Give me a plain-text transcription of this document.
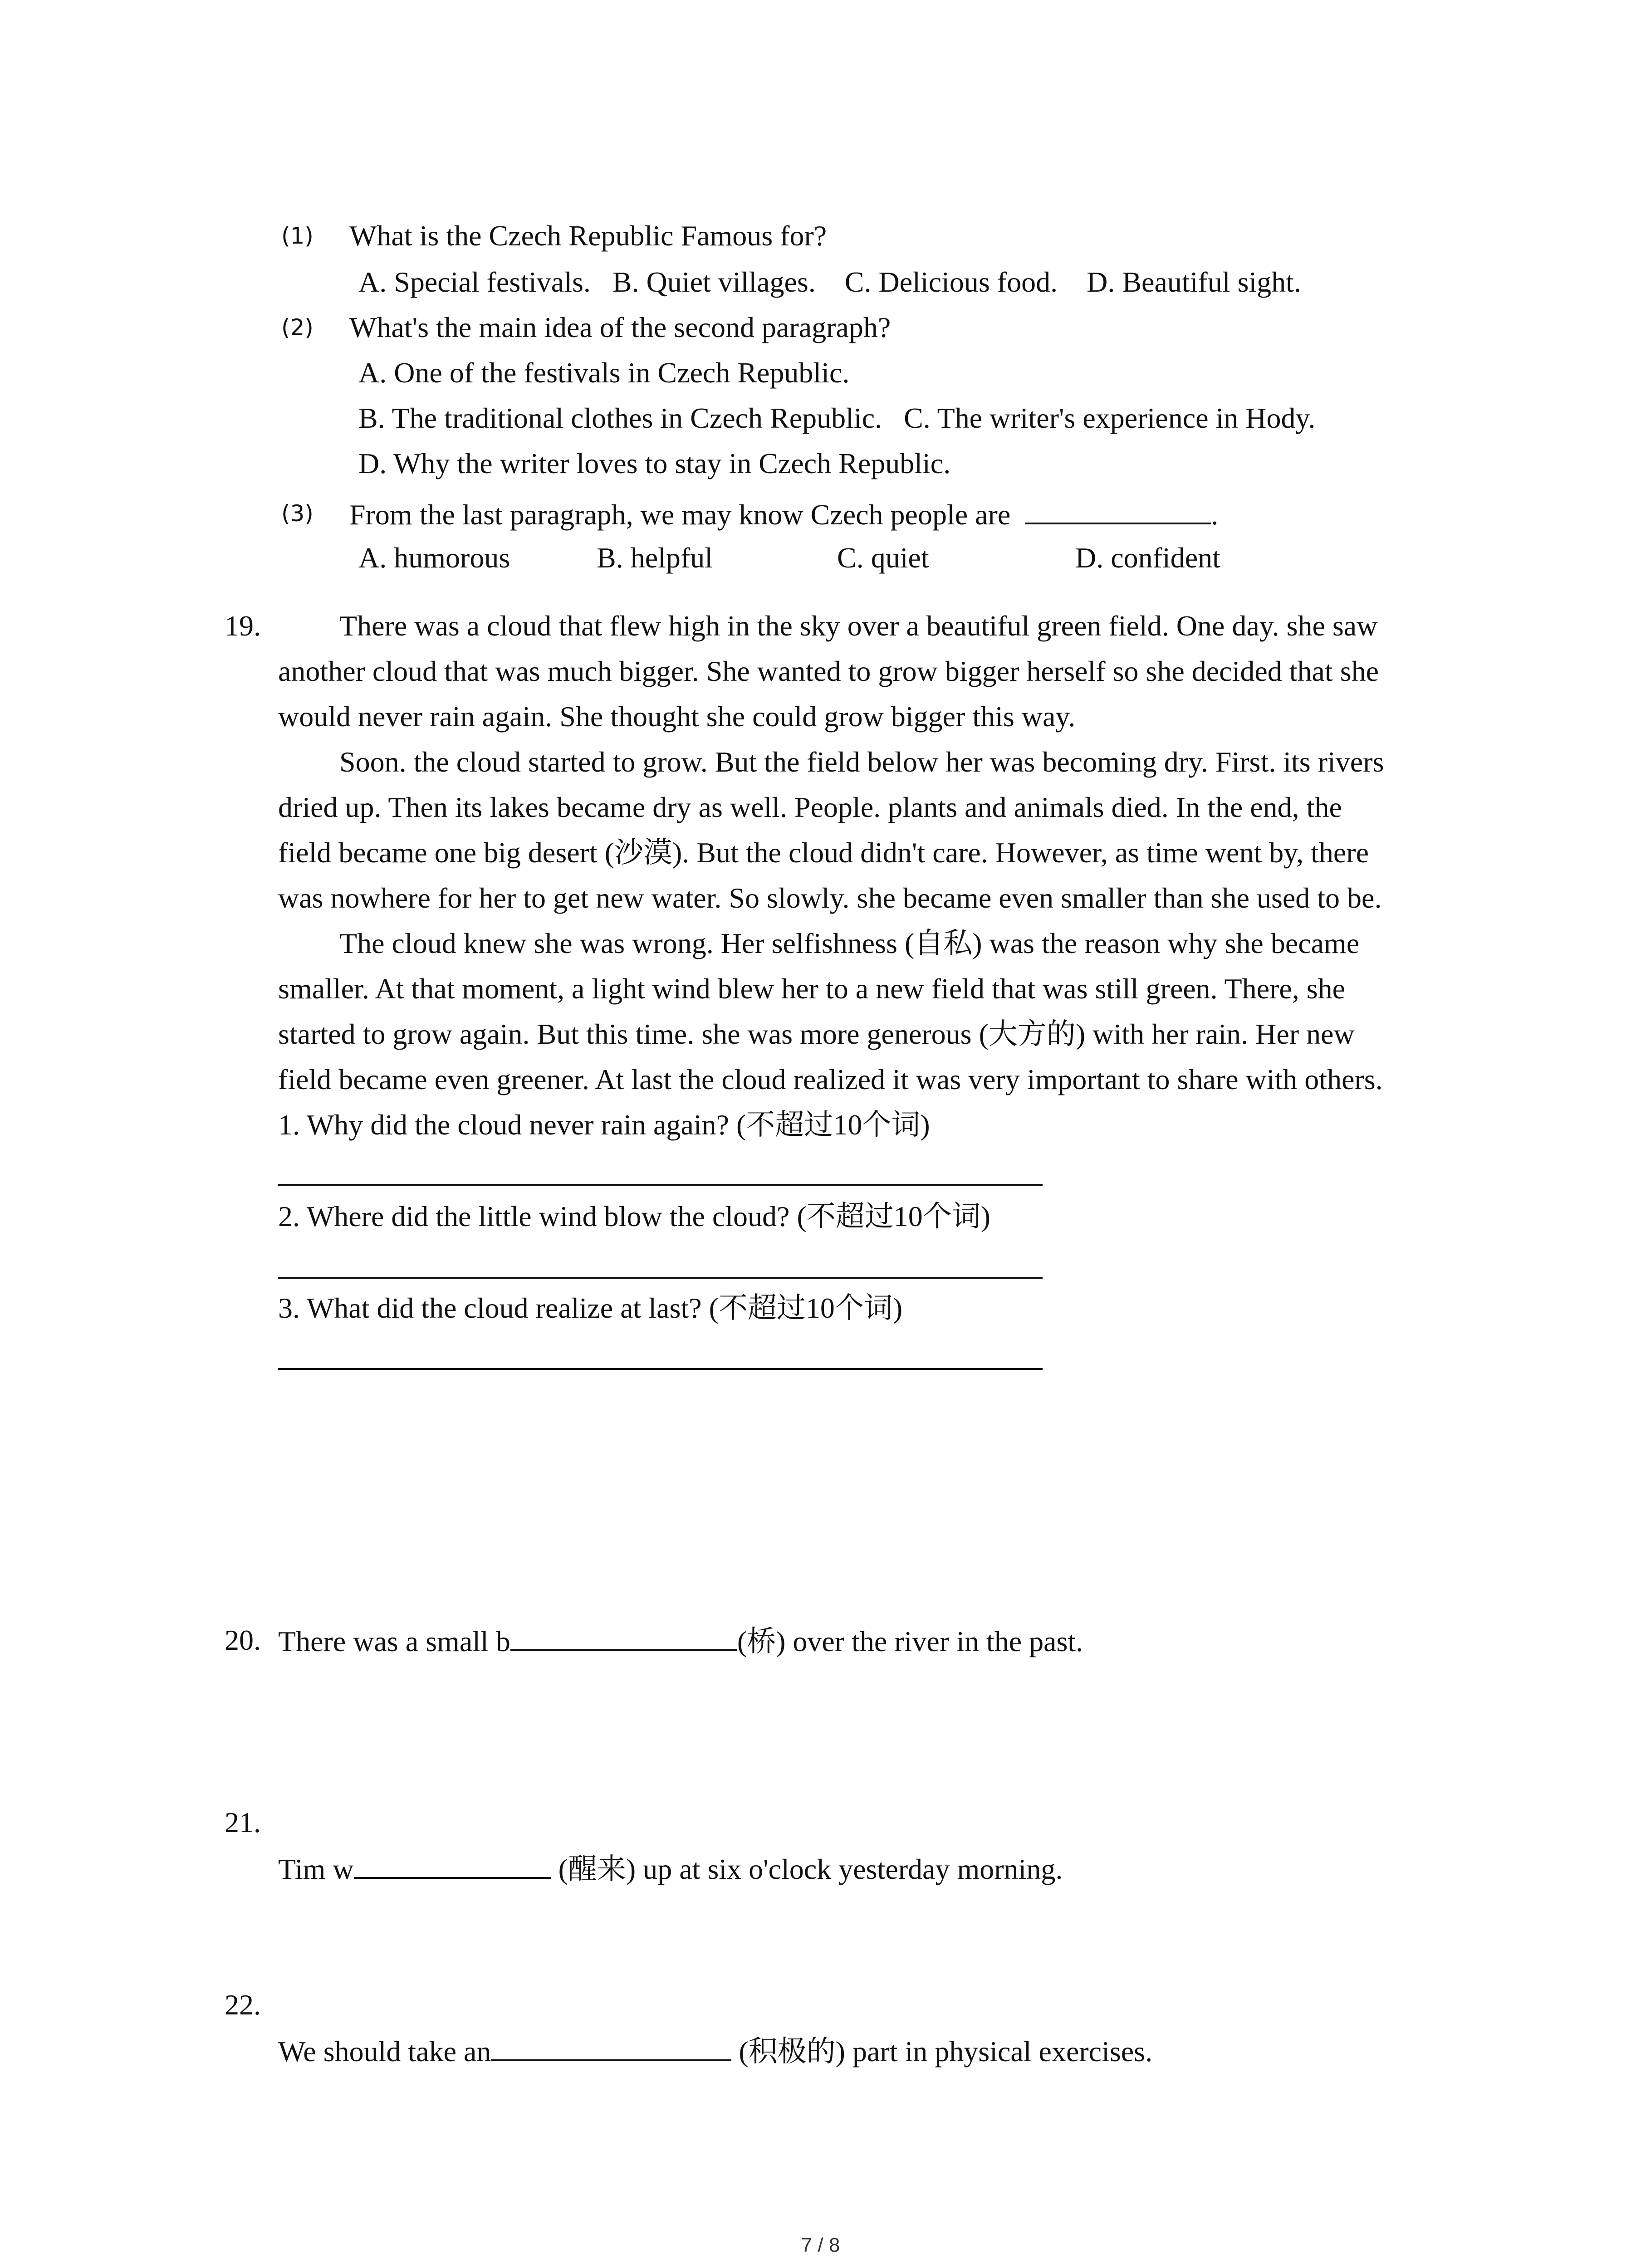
(1) What is the Czech Republic Famous for?
A. Special festivals.   B. Quiet villages.    C. Delicious food.    D. Beautiful sight.
(2) What's the main idea of the second paragraph?
A. One of the festivals in Czech Republic.
B. The traditional clothes in Czech Republic.   C. The writer's experience in Hody.
D. Why the writer loves to stay in Czech Republic.
(3) From the last paragraph, we may know Czech people are	.
A. humorous	B. helpful	C. quiet	D. confident
19.	There was a cloud that flew high in the sky over a beautiful green field. One day. she saw
another cloud that was much bigger. She wanted to grow bigger herself so she decided that she
would never rain again. She thought she could grow bigger this way.
Soon. the cloud started to grow. But the field below her was becoming dry. First. its rivers
dried up. Then its lakes became dry as well. People. plants and animals died. In the end, the
field became one big desert (沙漠). But the cloud didn't care. However, as time went by, there
was nowhere for her to get new water. So slowly. she became even smaller than she used to be.
The cloud knew she was wrong. Her selfishness (自私) was the reason why she became
smaller. At that moment, a light wind blew her to a new field that was still green. There, she
started to grow again. But this time. she was more generous (大方的) with her rain. Her new
field became even greener. At last the cloud realized it was very important to share with others.
1. Why did the cloud never rain again? (不超过10个词)
2. Where did the little wind blow the cloud? (不超过10个词)
3. What did the cloud realize at last? (不超过10个词)
20. There was a small b	(桥) over the river in the past.
21.

Tim w	(醒来) up at six o'clock yesterday morning.
22.

We should take an	(积极的) part in physical exercises.
7 / 8
